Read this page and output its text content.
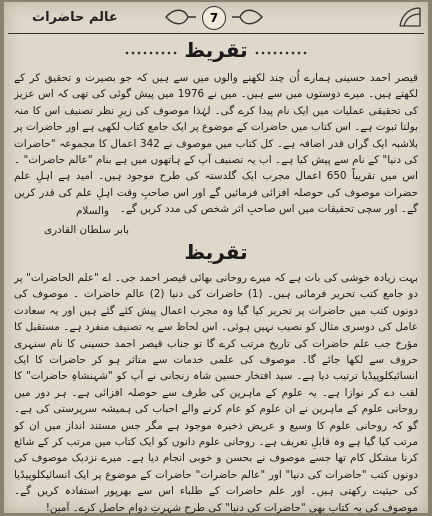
عالم حاضرات	7
تقریظ

قیصر احمد حسینی ہمارے اُن چند لکھنے والوں میں سے ہیں کہ جو بصیرت و تحقیق کر کے لکھتے ہیں۔ میرے دوستوں میں سے ہیں۔ میں نے 1976 میں پیش گوئی کی تھی کہ اس عزیز کی تحقیقی عملیات میں ایک نام پیدا کرے گی۔ لہٰذا موصوف کی زیرِ نظر تصنیف اس کا منہ بولتا ثبوت ہے۔ اس کتاب میں حاضرات کے موضوع پر ایک جامع کتاب لکھی ہے اور حاضرات پر بلاشبہ ایک گراں قدر اضافہ ہے۔ کل کتاب میں موصوف نے 342 اعمال کا مجموعہ "حاضرات کی دنیا" کے نام سے پیش کیا ہے۔ اب یہ تصنیف آپ کے ہاتھوں میں ہے بنام "عالم حاضرات" ۔ اس میں تقریباً 650 اعمال مجرب ایک گلدستہ کی طرح موجود ہیں۔ امید ہے اہلِ علم حضرات موصوف کی حوصلہ افزائی فرمائیں گے اور اس صاحبِ وقت اہلِ علم کی قدر کریں گے۔ اور سچی تحقیقات میں اس صاحبِ اثر شخص کی مدد کریں گے۔

والسلام
بابر سلطان القادری
تقریظ

بہت زیادہ خوشی کی بات ہے کہ میرے روحانی بھائی قیصر احمد جی۔ اے "علم الحاضرات" پر دو جامع کتب تحریر فرمائی ہیں۔ (1) حاضرات کی دنیا (2) عالم حاضرات ۔ موصوف کی دونوں کتب میں حاضرات پر تحریر کیا گیا وہ مجرب اعمال پیش کئے گئے ہیں اور یہ سعادت عامل کی دوسری مثال کو نصیب نہیں ہوئی۔ اس لحاظ سے یہ تصنیف منفرد ہے۔ مستقبل کا مؤرخ جب علم حاضرات کی تاریخ مرتب کرے گا تو جناب قیصر احمد حسینی کا نام سنہری حروف سے لکھا جائے گا۔ موصوف کی علمی خدمات سے متاثر ہو کر حاضرات کا ایک انسائیکلوپیڈیا ترتیب دیا ہے۔ سید افتخار حسین شاہ زنجانی نے آپ کو "شہنشاہِ حاضرات" کا لقب دے کر نوازا ہے۔ یہ علوم کے ماہرین کی طرف سے حوصلہ افزائی ہے۔ ہر دور میں روحانی علوم کے ماہرین نے ان علوم کو عام کرنے والے احباب کی ہمیشہ سرپرستی کی ہے۔ گو کہ روحانی علوم کا وسیع و عریض ذخیرہ موجود ہے مگر جس مستند انداز میں ان کو مرتب کیا گیا ہے وہ قابلِ تعریف ہے۔ روحانی علوم دانوں کو ایک کتاب میں مرتب کر کے شائع کرنا مشکل کام تھا جسے موصوف نے بحسن و خوبی انجام دیا ہے۔ میرے نزدیک موصوف کی دونوں کتب "حاضرات کی دنیا" اور "عالم حاضرات" حاضرات کے موضوع پر ایک انسائیکلوپیڈیا کی حیثیت رکھتی ہیں۔ اور علم حاضرات کے طلباء اس سے بھرپور استفادہ کریں گے۔ موصوف کی یہ کتاب بھی "حاضرات کی دنیا" کی طرح شہرتِ دوام حاصل کرے۔ آمین!
